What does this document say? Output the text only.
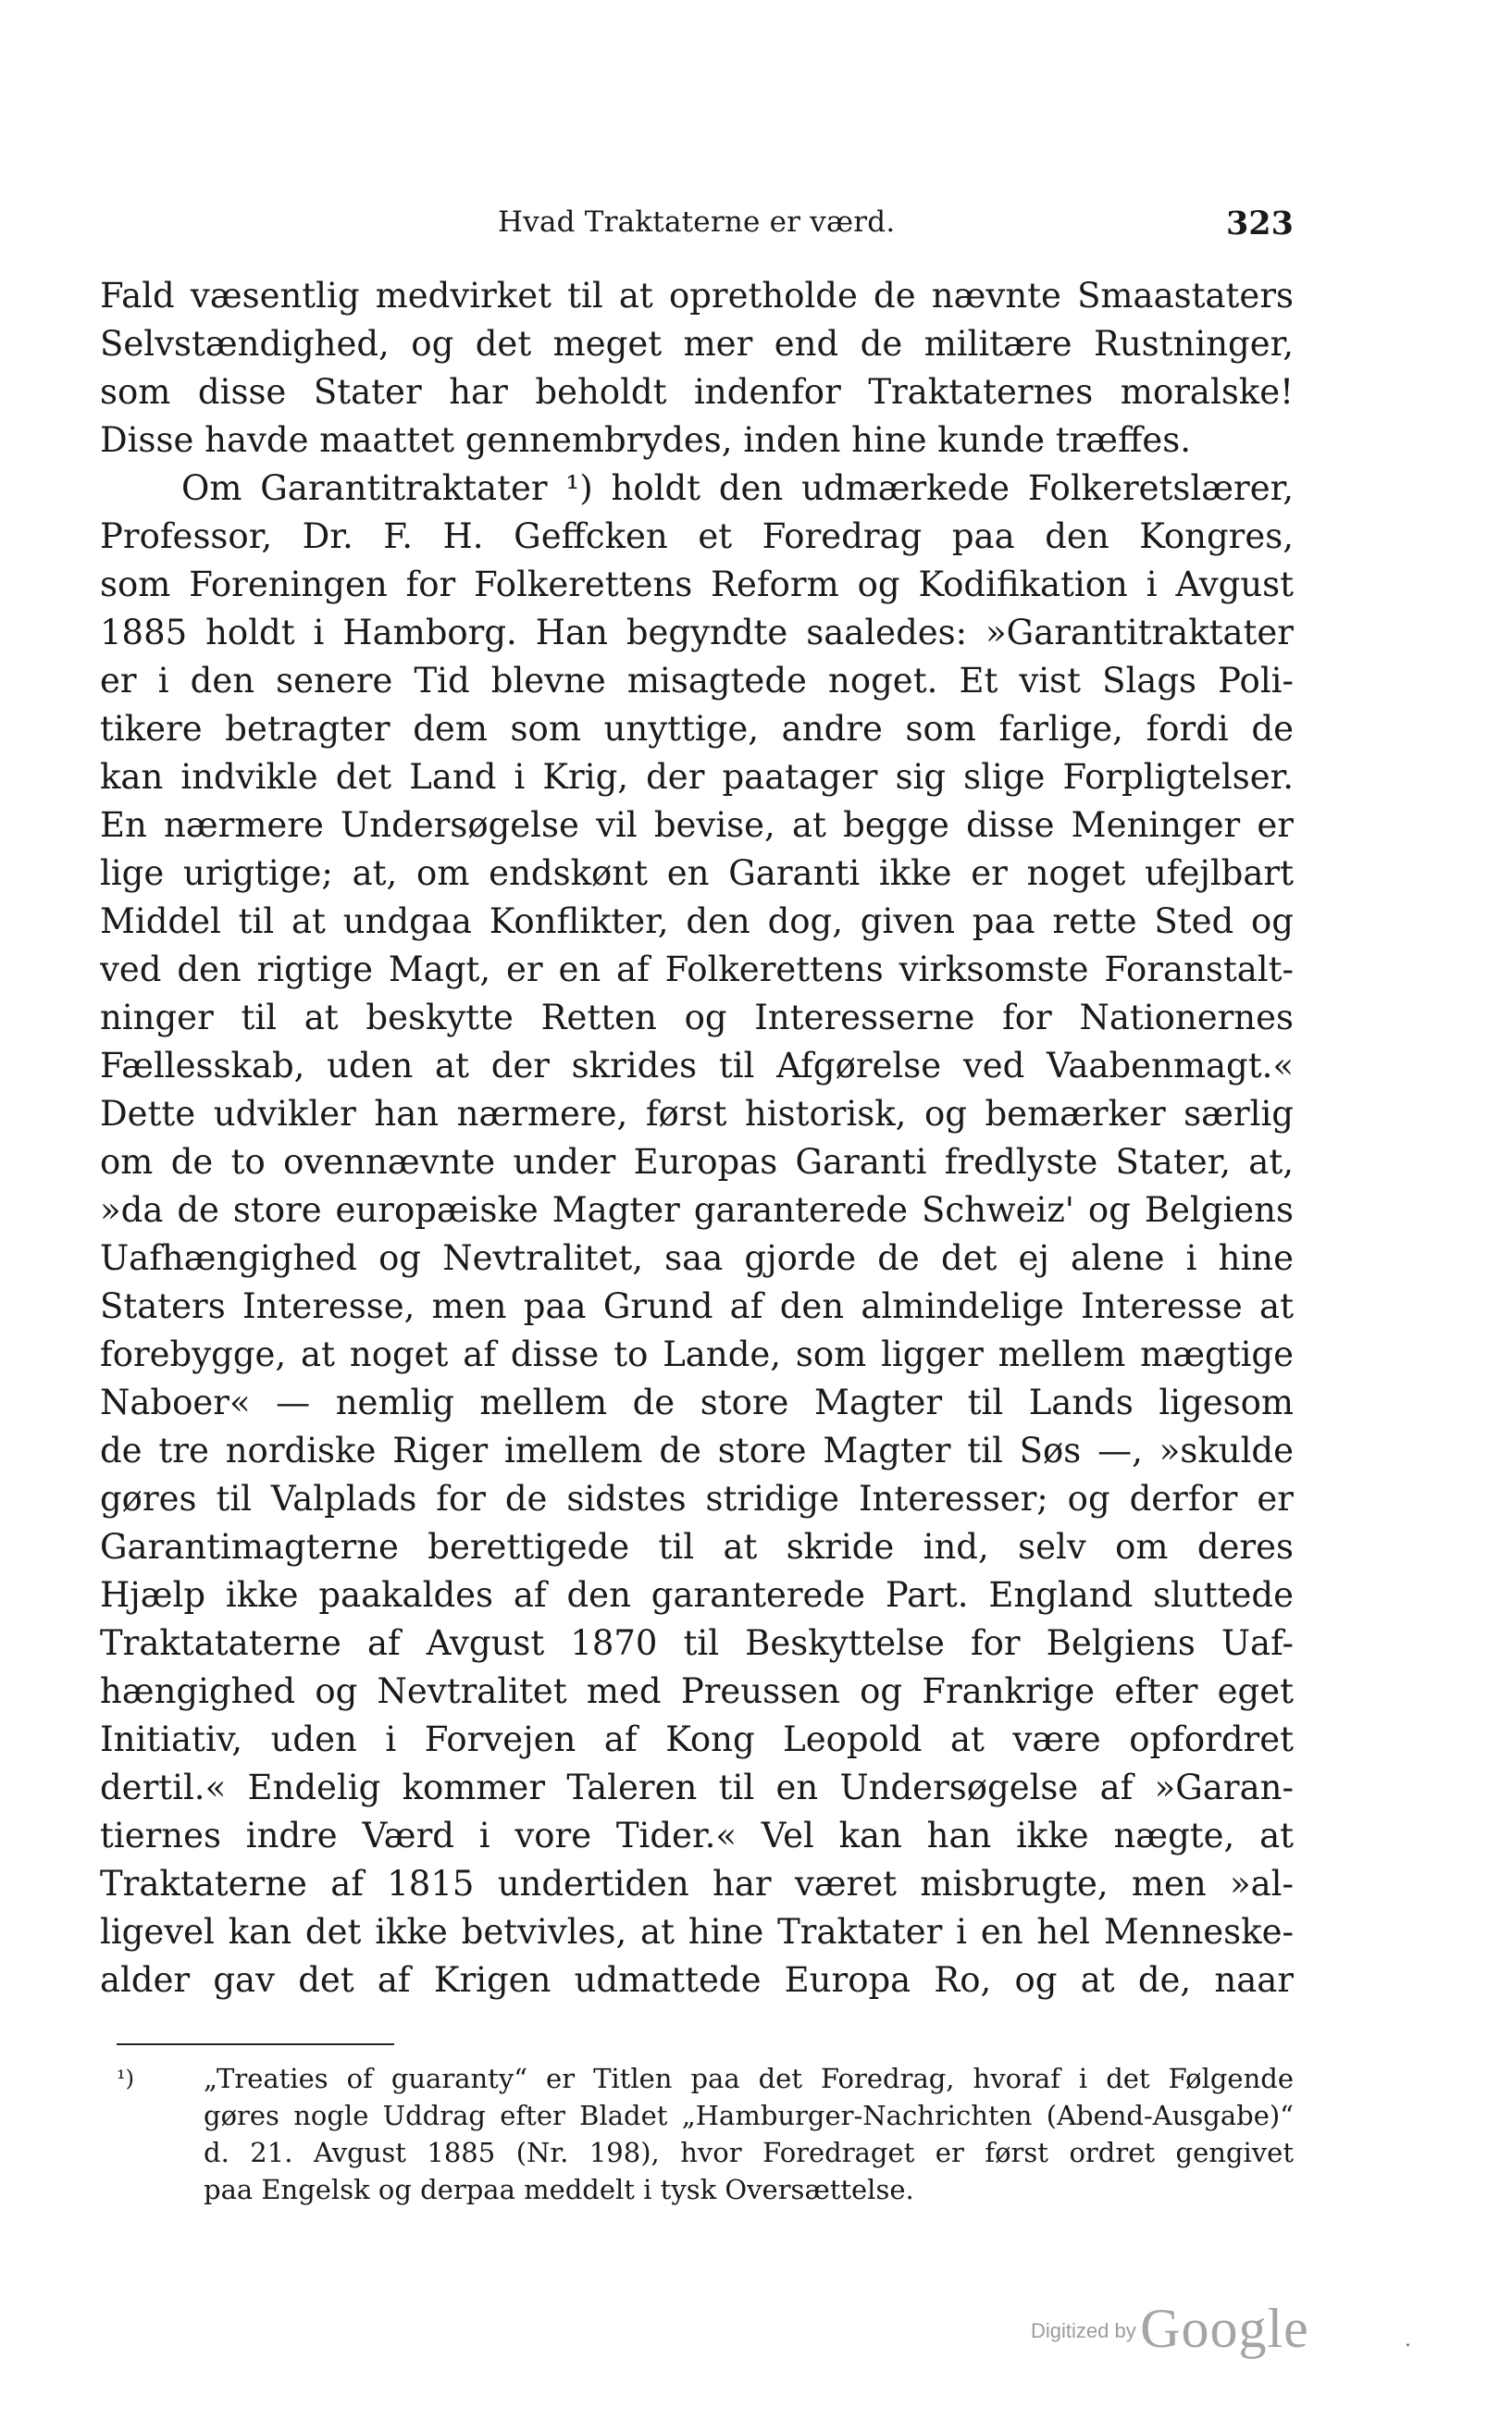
Hvad Traktaterne er værd.	323
Fald væsentlig medvirket til at opretholde de nævnte Smaastaters
Selvstændighed, og det meget mer end de militære Rustninger,
som disse Stater har beholdt indenfor Traktaternes moralske!
Disse havde maattet gennembrydes, inden hine kunde træffes.
Om Garantitraktater ¹) holdt den udmærkede Folkeretslærer,
Professor, Dr. F. H. Geffcken et Foredrag paa den Kongres,
som Foreningen for Folkerettens Reform og Kodifikation i Avgust
1885 holdt i Hamborg. Han begyndte saaledes: »Garantitraktater
er i den senere Tid blevne misagtede noget. Et vist Slags Poli-
tikere betragter dem som unyttige, andre som farlige, fordi de
kan indvikle det Land i Krig, der paatager sig slige Forpligtelser.
En nærmere Undersøgelse vil bevise, at begge disse Meninger er
lige urigtige; at, om endskønt en Garanti ikke er noget ufejlbart
Middel til at undgaa Konflikter, den dog, given paa rette Sted og
ved den rigtige Magt, er en af Folkerettens virksomste Foranstalt-
ninger til at beskytte Retten og Interesserne for Nationernes
Fællesskab, uden at der skrides til Afgørelse ved Vaabenmagt.«
Dette udvikler han nærmere, først historisk, og bemærker særlig
om de to ovennævnte under Europas Garanti fredlyste Stater, at,
»da de store europæiske Magter garanterede Schweiz' og Belgiens
Uafhængighed og Nevtralitet, saa gjorde de det ej alene i hine
Staters Interesse, men paa Grund af den almindelige Interesse at
forebygge, at noget af disse to Lande, som ligger mellem mægtige
Naboer« — nemlig mellem de store Magter til Lands ligesom
de tre nordiske Riger imellem de store Magter til Søs —, »skulde
gøres til Valplads for de sidstes stridige Interesser; og derfor er
Garantimagterne berettigede til at skride ind, selv om deres
Hjælp ikke paakaldes af den garanterede Part. England sluttede
Traktataterne af Avgust 1870 til Beskyttelse for Belgiens Uaf-
hængighed og Nevtralitet med Preussen og Frankrige efter eget
Initiativ, uden i Forvejen af Kong Leopold at være opfordret
dertil.« Endelig kommer Taleren til en Undersøgelse af »Garan-
tiernes indre Værd i vore Tider.« Vel kan han ikke nægte, at
Traktaterne af 1815 undertiden har været misbrugte, men »al-
ligevel kan det ikke betvivles, at hine Traktater i en hel Menneske-
alder gav det af Krigen udmattede Europa Ro, og at de, naar
¹)	„Treaties of guaranty“ er Titlen paa det Foredrag, hvoraf i det Følgende
gøres nogle Uddrag efter Bladet „Hamburger-Nachrichten (Abend-Ausgabe)“
d. 21. Avgust 1885 (Nr. 198), hvor Foredraget er først ordret gengivet
paa Engelsk og derpaa meddelt i tysk Oversættelse.
Digitized by Google	.
